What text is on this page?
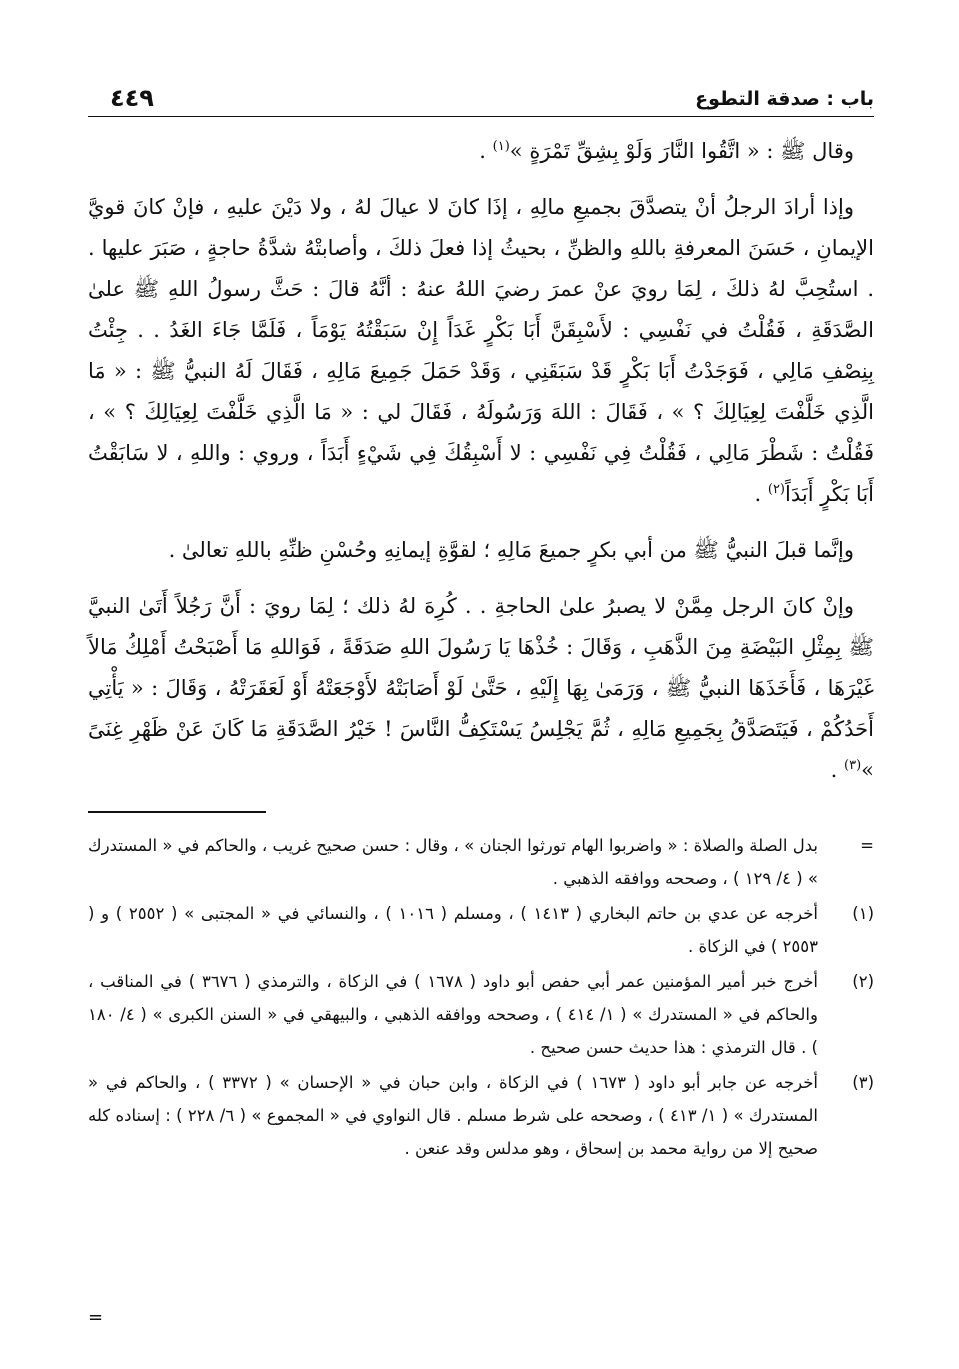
باب : صدقة التطوع
٤٤٩

وقال ﷺ : « اتَّقُوا النَّارَ وَلَوْ بِشِقِّ تَمْرَةٍ »$^{(١)}$ .

وإذا أرادَ الرجلُ أنْ يتصدَّقَ بجميعِ مالِهِ ، إذَا كانَ لا عيالَ لهُ ، ولا دَيْنَ عليهِ ، فإنْ كانَ قويَّ الإيمانِ ، حَسَنَ المعرفةِ باللهِ والظنِّ ، بحيثُ إذا فعلَ ذلكَ ، وأصابتْهُ شدَّةُ حاجةٍ ، صَبَرَ عليها . . استُحِبَّ لهُ ذلكَ ، لِمَا رويَ عنْ عمرَ رضيَ اللهُ عنهُ : أنَّهُ قالَ : حَثَّ رسولُ اللهِ ﷺ علىٰ الصَّدَقَةِ ، فَقُلْتُ في نَفْسِي : لأَسْبِقَنَّ أَبَا بَكْرٍ غَدَاً إِنْ سَبَقْتُهُ يَوْمَاً ، فَلَمَّا جَاءَ الغَدُ . . جِئْتُ بِنِصْفِ مَالِي ، فَوَجَدْتُ أَبَا بَكْرٍ قَدْ سَبَقَنِي ، وَقَدْ حَمَلَ جَمِيعَ مَالِهِ ، فَقَالَ لَهُ النبيُّ ﷺ : « مَا الَّذِي خَلَّفْتَ لِعِيَالِكَ ؟ » ، فَقَالَ : اللهَ وَرَسُولَهُ ، فَقَالَ لي : « مَا الَّذِي خَلَّفْتَ لِعِيَالِكَ ؟ » ، فَقُلْتُ : شَطْرَ مَالِي ، فَقُلْتُ فِي نَفْسِي : لا أَسْبِقُكَ فِي شَيْءٍ أَبَدَاً ، وروي : واللهِ ، لا سَابَقْتُ أَبَا بَكْرٍ أَبَدَاً$^{(٢)}$ .

وإنَّما قبلَ النبيُّ ﷺ من أبي بكرٍ جميعَ مَالِهِ ؛ لقوَّةِ إيمانِهِ وحُسْنِ ظنِّهِ باللهِ تعالىٰ .

وإنْ كانَ الرجل مِمَّنْ لا يصبرُ علىٰ الحاجةِ . . كُرِهَ لهُ ذلك ؛ لِمَا رويَ : أَنَّ رَجُلاً أَتَىٰ النبيَّ ﷺ بِمِثْلِ البَيْضَةِ مِنَ الذَّهَبِ ، وَقَالَ : خُذْهَا يَا رَسُولَ اللهِ صَدَقَةً ، فَوَاللهِ مَا أَصْبَحْتُ أَمْلِكُ مَالاً غَيْرَهَا ، فَأَخَذَهَا النبيُّ ﷺ ، وَرَمَىٰ بِهَا إِلَيْهِ ، حَتَّىٰ لَوْ أَصَابَتْهُ لأَوْجَعَتْهُ أَوْ لَعَقَرَتْهُ ، وَقَالَ : « يَأْتِي أَحَدُكُمْ ، فَيَتَصَدَّقُ بِجَمِيعِ مَالِهِ ، ثُمَّ يَجْلِسُ يَسْتَكِفُّ النَّاسَ ! خَيْرُ الصَّدَقَةِ مَا كَانَ عَنْ ظَهْرِ غِنَىً »$^{(٣)}$ .

=
بدل الصلة والصلاة : « واضربوا الهام تورثوا الجنان » ، وقال : حسن صحيح غريب ، والحاكم في « المستدرك » ( ٤/ ١٢٩ ) ، وصححه ووافقه الذهبي .
(١)
أخرجه عن عدي بن حاتم البخاري ( ١٤١٣ ) ، ومسلم ( ١٠١٦ ) ، والنسائي في « المجتبى » ( ٢٥٥٢ ) و ( ٢٥٥٣ ) في الزكاة .
(٢)
أخرج خبر أمير المؤمنين عمر أبي حفص أبو داود ( ١٦٧٨ ) في الزكاة ، والترمذي ( ٣٦٧٦ ) في المناقب ، والحاكم في « المستدرك » ( ١/ ٤١٤ ) ، وصححه ووافقه الذهبي ، والبيهقي في « السنن الكبرى » ( ٤/ ١٨٠ ) . قال الترمذي : هذا حديث حسن صحيح .
(٣)
أخرجه عن جابر أبو داود ( ١٦٧٣ ) في الزكاة ، وابن حبان في « الإحسان » ( ٣٣٧٢ ) ، والحاكم في « المستدرك » ( ١/ ٤١٣ ) ، وصححه على شرط مسلم . قال النواوي في « المجموع » ( ٦/ ٢٢٨ ) : إسناده كله صحيح إلا من رواية محمد بن إسحاق ، وهو مدلس وقد عنعن .
=
